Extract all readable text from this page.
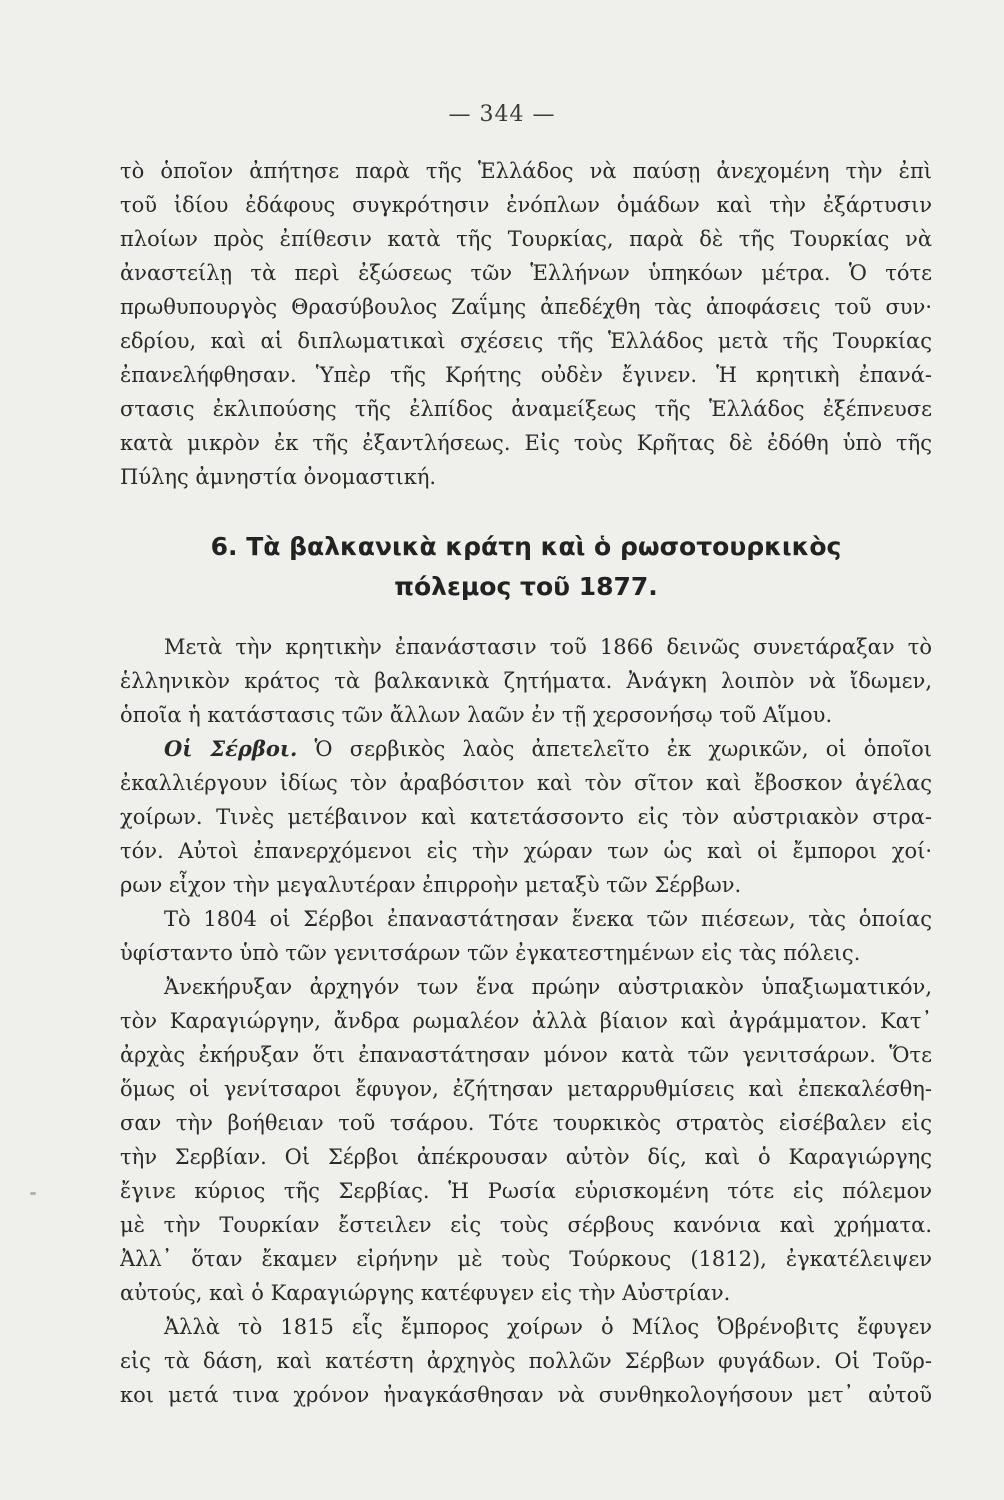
— 344 —
τὸ ὁποῖον ἀπήτησε παρὰ τῆς Ἑλλάδος νὰ παύσῃ ἀνεχομένη τὴν ἐπὶ
τοῦ ἰδίου ἐδάφους συγκρότησιν ἐνόπλων ὁμάδων καὶ τὴν ἐξάρτυσιν
πλοίων πρὸς ἐπίθεσιν κατὰ τῆς Τουρκίας, παρὰ δὲ τῆς Τουρκίας νὰ
ἀναστείλῃ τὰ περὶ ἐξώσεως τῶν Ἑλλήνων ὑπηκόων μέτρα. Ὁ τότε
πρωθυπουργὸς Θρασύβουλος Ζαΐμης ἀπεδέχθη τὰς ἀποφάσεις τοῦ συν·
εδρίου, καὶ αἱ διπλωματικαὶ σχέσεις τῆς Ἑλλάδος μετὰ τῆς Τουρκίας
ἐπανελήφθησαν. Ὑπὲρ τῆς Κρήτης οὐδὲν ἔγινεν. Ἡ κρητικὴ ἐπανά-
στασις ἐκλιπούσης τῆς ἐλπίδος ἀναμείξεως τῆς Ἑλλάδος ἐξέπνευσε
κατὰ μικρὸν ἐκ τῆς ἐξαντλήσεως. Εἰς τοὺς Κρῆτας δὲ ἐδόθη ὑπὸ τῆς
Πύλης ἀμνηστία ὀνομαστική.
6. Τὰ βαλκανικὰ κράτη καὶ ὁ ρωσοτουρκικὸς
πόλεμος τοῦ 1877.
Μετὰ τὴν κρητικὴν ἐπανάστασιν τοῦ 1866 δεινῶς συνετάραξαν τὸ
ἑλληνικὸν κράτος τὰ βαλκανικὰ ζητήματα. Ἀνάγκη λοιπὸν νὰ ἴδωμεν,
ὁποῖα ἡ κατάστασις τῶν ἄλλων λαῶν ἐν τῇ χερσονήσῳ τοῦ Αἵμου.
Οἱ Σέρβοι. Ὁ σερβικὸς λαὸς ἀπετελεῖτο ἐκ χωρικῶν, οἱ ὁποῖοι
ἐκαλλιέργουν ἰδίως τὸν ἀραβόσιτον καὶ τὸν σῖτον καὶ ἔβοσκον ἀγέλας
χοίρων. Τινὲς μετέβαινον καὶ κατετάσσοντο εἰς τὸν αὐστριακὸν στρα-
τόν. Αὐτοὶ ἐπανερχόμενοι εἰς τὴν χώραν των ὡς καὶ οἱ ἔμποροι χοί·
ρων εἶχον τὴν μεγαλυτέραν ἐπιρροὴν μεταξὺ τῶν Σέρβων.
Τὸ 1804 οἱ Σέρβοι ἐπαναστάτησαν ἕνεκα τῶν πιέσεων, τὰς ὁποίας
ὑφίσταντο ὑπὸ τῶν γενιτσάρων τῶν ἐγκατεστημένων εἰς τὰς πόλεις.
Ἀνεκήρυξαν ἀρχηγόν των ἕνα πρώην αὐστριακὸν ὑπαξιωματικόν,
τὸν Καραγιώργην, ἄνδρα ρωμαλέον ἀλλὰ βίαιον καὶ ἀγράμματον. Κατ᾿
ἀρχὰς ἐκήρυξαν ὅτι ἐπαναστάτησαν μόνον κατὰ τῶν γενιτσάρων. Ὅτε
ὅμως οἱ γενίτσαροι ἔφυγον, ἐζήτησαν μεταρρυθμίσεις καὶ ἐπεκαλέσθη-
σαν τὴν βοήθειαν τοῦ τσάρου. Τότε τουρκικὸς στρατὸς εἰσέβαλεν εἰς
τὴν Σερβίαν. Οἱ Σέρβοι ἀπέκρουσαν αὐτὸν δίς, καὶ ὁ Καραγιώργης
ἔγινε κύριος τῆς Σερβίας. Ἡ Ρωσία εὑρισκομένη τότε εἰς πόλεμον
μὲ τὴν Τουρκίαν ἔστειλεν εἰς τοὺς σέρβους κανόνια καὶ χρήματα.
Ἀλλ᾿ ὅταν ἔκαμεν εἰρήνην μὲ τοὺς Τούρκους (1812), ἐγκατέλειψεν
αὐτούς, καὶ ὁ Καραγιώργης κατέφυγεν εἰς τὴν Αὐστρίαν.
Ἀλλὰ τὸ 1815 εἷς ἔμπορος χοίρων ὁ Μίλος Ὀβρένοβιτς ἔφυγεν
εἰς τὰ δάση, καὶ κατέστη ἀρχηγὸς πολλῶν Σέρβων φυγάδων. Οἱ Τοῦρ-
κοι μετά τινα χρόνον ἠναγκάσθησαν νὰ συνθηκολογήσουν μετ᾿ αὐτοῦ
